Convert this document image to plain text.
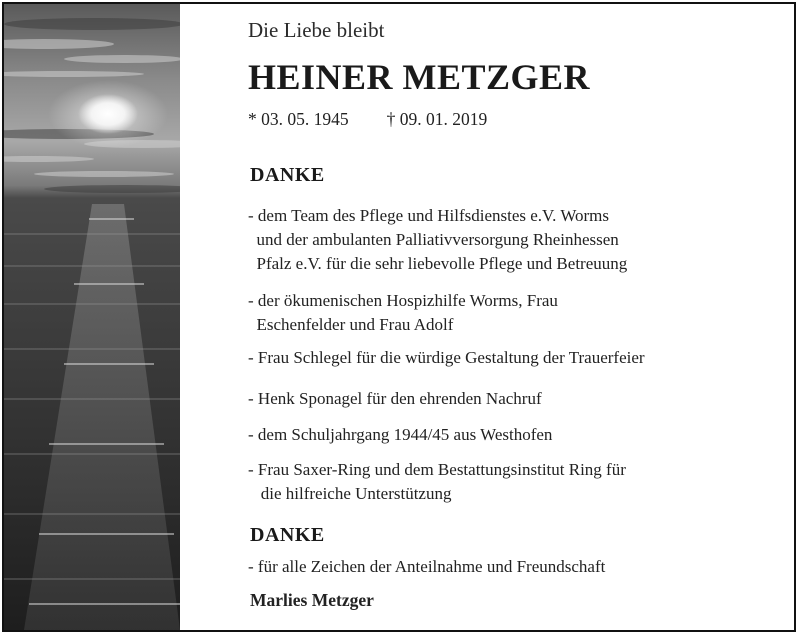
Die Liebe bleibt
HEINER METZGER
* 03. 05. 1945 † 09. 01. 2019
DANKE
- dem Team des Pflege und Hilfsdienstes e.V. Worms
und der ambulanten Palliativversorgung Rheinhessen
Pfalz e.V. für die sehr liebevolle Pflege und Betreuung
- der ökumenischen Hospizhilfe Worms, Frau
Eschenfelder und Frau Adolf
- Frau Schlegel für die würdige Gestaltung der Trauerfeier
- Henk Sponagel für den ehrenden Nachruf
- dem Schuljahrgang 1944/45 aus Westhofen
- Frau Saxer-Ring und dem Bestattungsinstitut Ring für
die hilfreiche Unterstützung
DANKE
- für alle Zeichen der Anteilnahme und Freundschaft
Marlies Metzger
